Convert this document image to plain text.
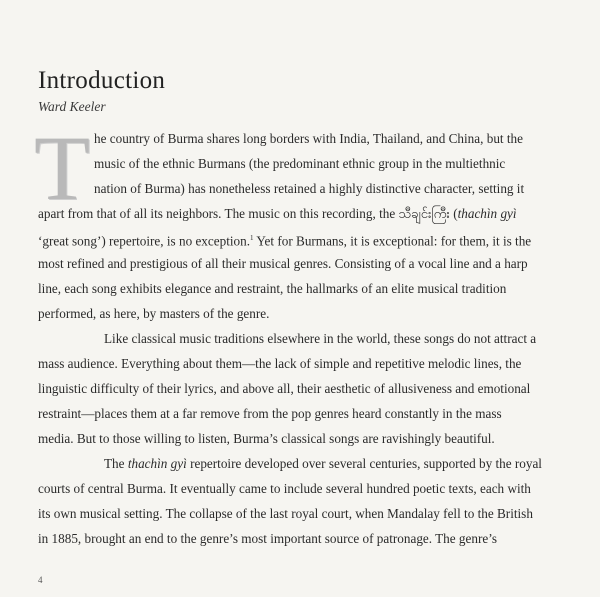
Introduction
Ward Keeler
T he country of Burma shares long borders with India, Thailand, and China, but the
music of the ethnic Burmans (the predominant ethnic group in the multiethnic
nation of Burma) has nonetheless retained a highly distinctive character, setting it
apart from that of all its neighbors. The music on this recording, the သီချင်းကြီး (thachìn gyì
‘great song’) repertoire, is no exception.$^1$ Yet for Burmans, it is exceptional: for them, it is the
most refined and prestigious of all their musical genres. Consisting of a vocal line and a harp
line, each song exhibits elegance and restraint, the hallmarks of an elite musical tradition
performed, as here, by masters of the genre.
Like classical music traditions elsewhere in the world, these songs do not attract a
mass audience. Everything about them—the lack of simple and repetitive melodic lines, the
linguistic difficulty of their lyrics, and above all, their aesthetic of allusiveness and emotional
restraint—places them at a far remove from the pop genres heard constantly in the mass
media. But to those willing to listen, Burma’s classical songs are ravishingly beautiful.
The thachìn gyì repertoire developed over several centuries, supported by the royal
courts of central Burma. It eventually came to include several hundred poetic texts, each with
its own musical setting. The collapse of the last royal court, when Mandalay fell to the British
in 1885, brought an end to the genre’s most important source of patronage. The genre’s
4
